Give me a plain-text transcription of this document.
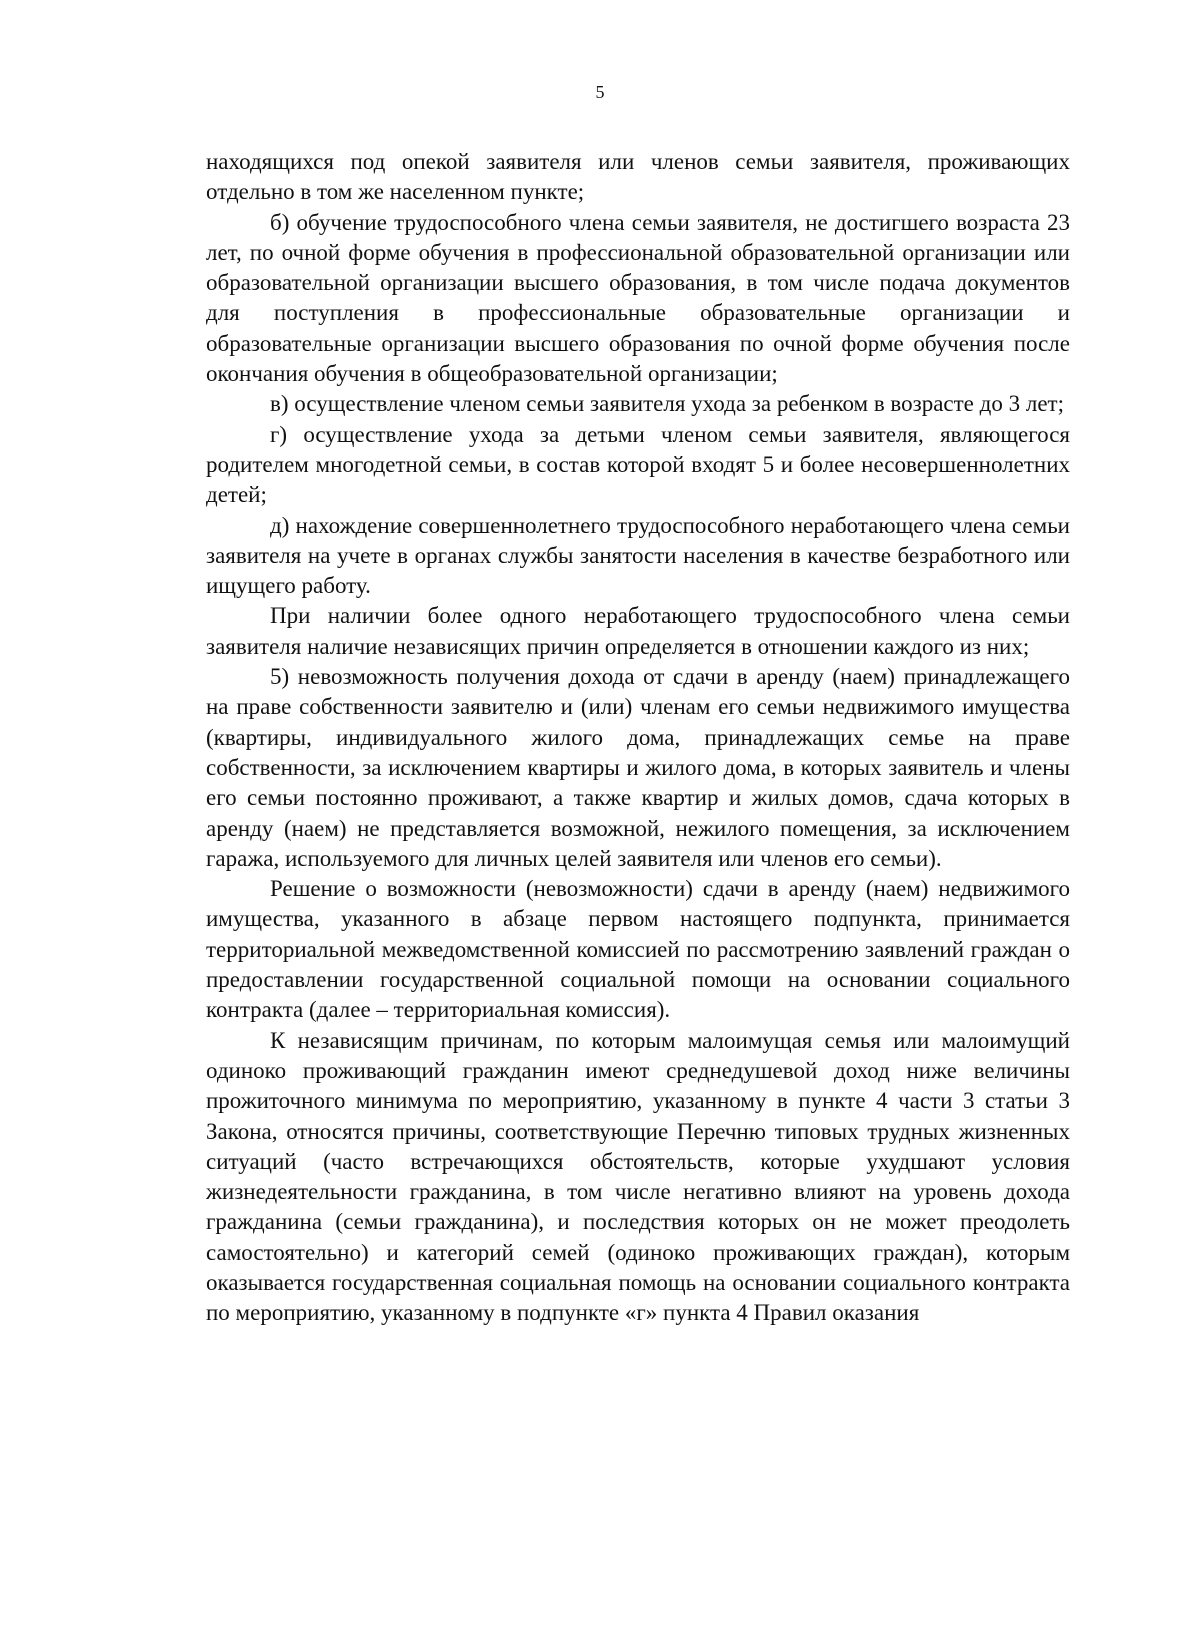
5

находящихся под опекой заявителя или членов семьи заявителя, проживающих отдельно в том же населенном пункте;

б) обучение трудоспособного члена семьи заявителя, не достигшего возраста 23 лет, по очной форме обучения в профессиональной образовательной организации или образовательной организации высшего образования, в том числе подача документов для поступления в профессиональные образовательные организации и образовательные организации высшего образования по очной форме обучения после окончания обучения в общеобразовательной организации;

в) осуществление членом семьи заявителя ухода за ребенком в возрасте до 3 лет;

г) осуществление ухода за детьми членом семьи заявителя, являющегося родителем многодетной семьи, в состав которой входят 5 и более несовершеннолетних детей;

д) нахождение совершеннолетнего трудоспособного неработающего члена семьи заявителя на учете в органах службы занятости населения в качестве безработного или ищущего работу.

При наличии более одного неработающего трудоспособного члена семьи заявителя наличие независящих причин определяется в отношении каждого из них;

5) невозможность получения дохода от сдачи в аренду (наем) принадлежащего на праве собственности заявителю и (или) членам его семьи недвижимого имущества (квартиры, индивидуального жилого дома, принадлежащих семье на праве собственности, за исключением квартиры и жилого дома, в которых заявитель и члены его семьи постоянно проживают, а также квартир и жилых домов, сдача которых в аренду (наем) не представляется возможной, нежилого помещения, за исключением гаража, используемого для личных целей заявителя или членов его семьи).

Решение о возможности (невозможности) сдачи в аренду (наем) недвижимого имущества, указанного в абзаце первом настоящего подпункта, принимается территориальной межведомственной комиссией по рассмотрению заявлений граждан о предоставлении государственной социальной помощи на основании социального контракта (далее – территориальная комиссия).

К независящим причинам, по которым малоимущая семья или малоимущий одиноко проживающий гражданин имеют среднедушевой доход ниже величины прожиточного минимума по мероприятию, указанному в пункте 4 части 3 статьи 3 Закона, относятся причины, соответствующие Перечню типовых трудных жизненных ситуаций (часто встречающихся обстоятельств, которые ухудшают условия жизнедеятельности гражданина, в том числе негативно влияют на уровень дохода гражданина (семьи гражданина), и последствия которых он не может преодолеть самостоятельно) и категорий семей (одиноко проживающих граждан), которым оказывается государственная социальная помощь на основании социального контракта по мероприятию, указанному в подпункте «г» пункта 4 Правил оказания
